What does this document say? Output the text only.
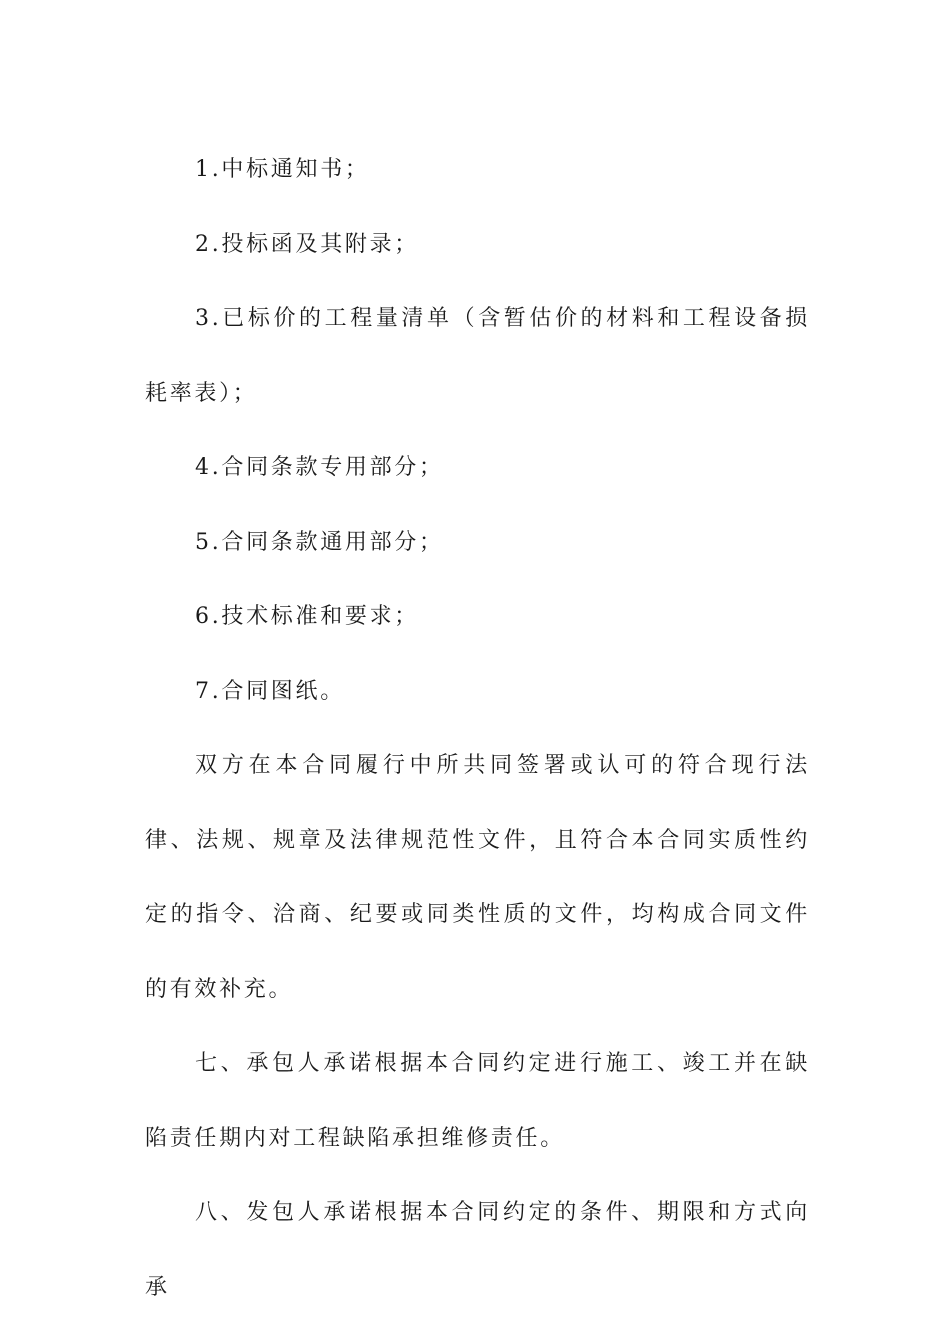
1.中标通知书；

2.投标函及其附录；

3.已标价的工程量清单（含暂估价的材料和工程设备损耗率表）；

4.合同条款专用部分；

5.合同条款通用部分；

6.技术标准和要求；

7.合同图纸。

双方在本合同履行中所共同签署或认可的符合现行法律、法规、规章及法律规范性文件，且符合本合同实质性约定的指令、洽商、纪要或同类性质的文件，均构成合同文件的有效补充。

七、承包人承诺根据本合同约定进行施工、竣工并在缺陷责任期内对工程缺陷承担维修责任。

八、发包人承诺根据本合同约定的条件、期限和方式向承
